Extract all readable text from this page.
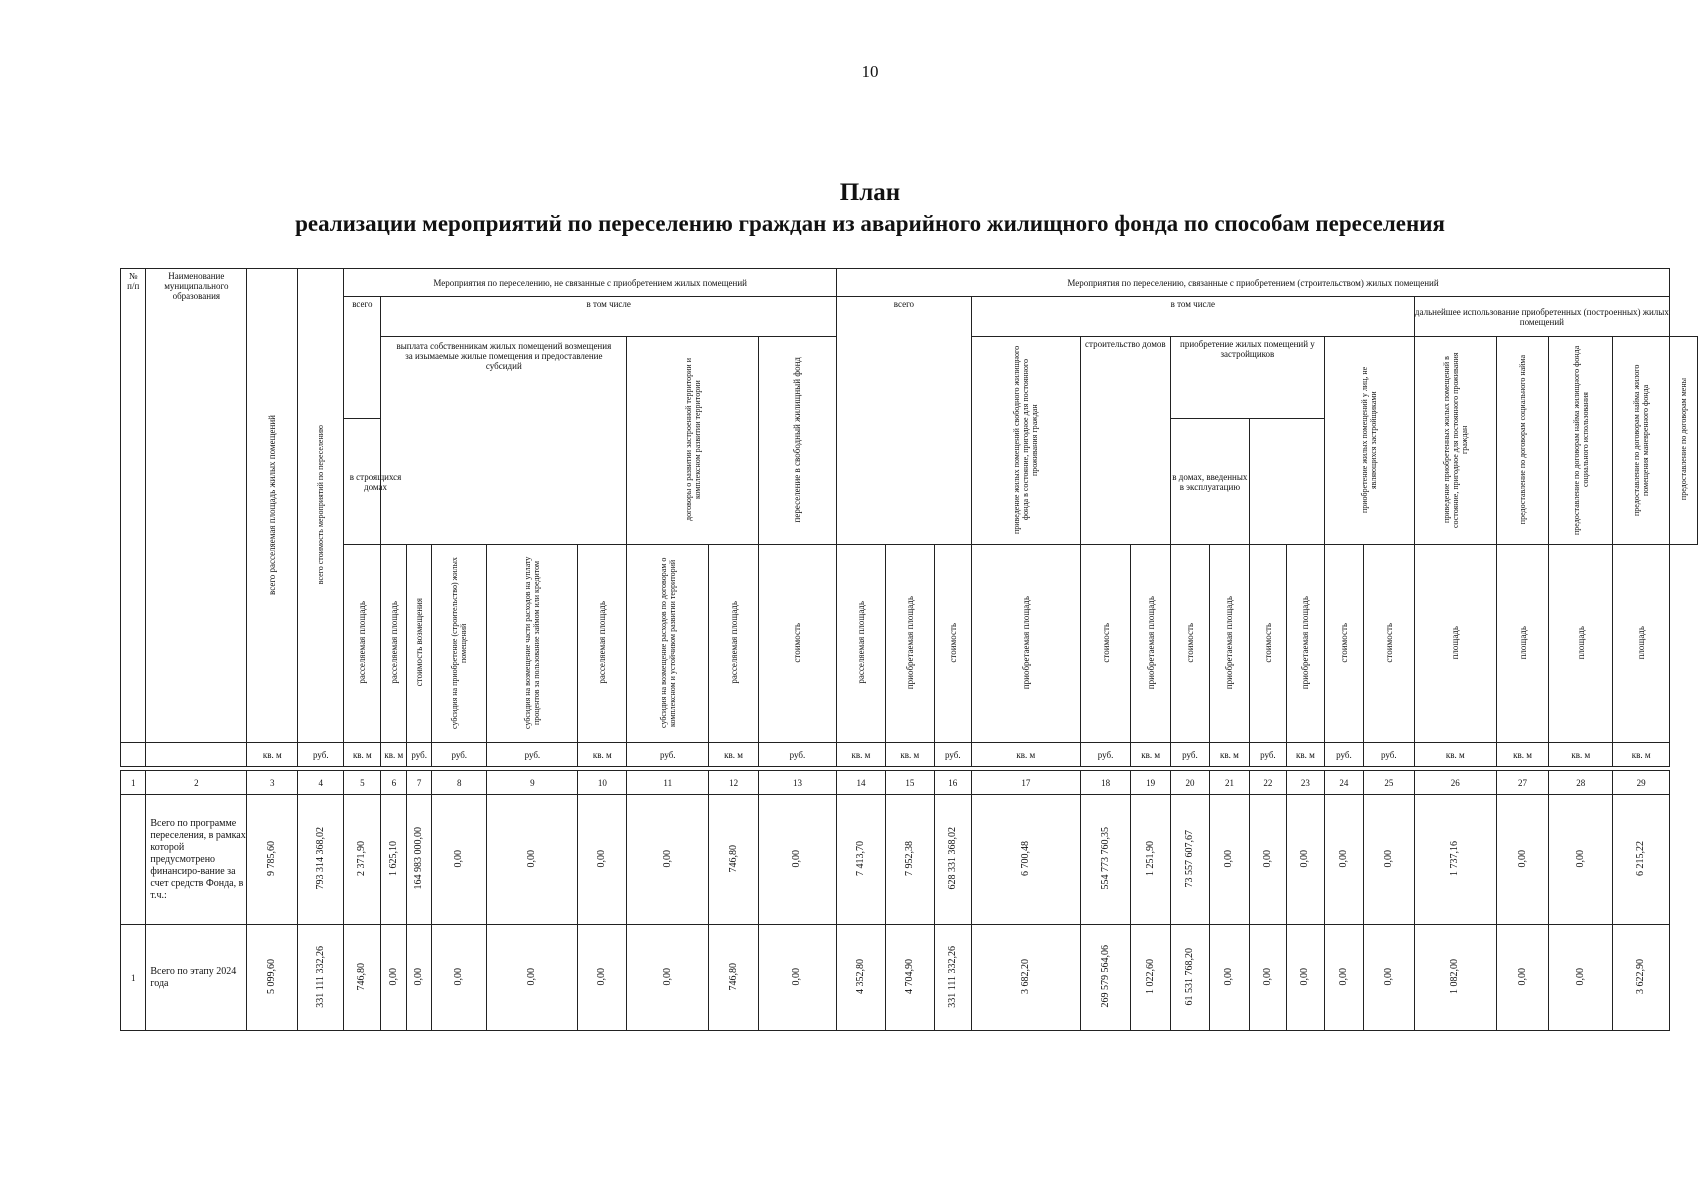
10
План
реализации мероприятий по переселению граждан из аварийного жилищного фонда по способам переселения
№
п/п	Наименование муниципального образования	всего расселяемая площадь жилых помещений	всего стоимость мероприятий по переселению	Мероприятия по переселению, не связанные с приобретением жилых помещений									Мероприятия по переселению, связанные с приобретением (строительством) жилых помещений																
				всего	в том числе								всего			в том числе									дальнейшее использование приобретенных (построенных) жилых помещений				
					выплата собственникам жилых помещений возмещения за изымаемые жилые помещения и предоставление субсидий					договоры о развитии застроенной территории и комплексном развитии территории		переселение в свободный жилищный фонд				приведение жилых помещений свободного жилищного фонда в состояние, пригодное для постоянного проживания граждан	строительство домов		приобретение жилых помещений у застройщиков				приобретение жилых помещений у лиц, не являющихся застройщиками		приведение приобретенных жилых помещений в состояние, пригодное для постоянного проживания граждан	предоставление по договорам социального найма	предоставление по договорам найма жилищного фонда социального использования	предоставление по договорам найма жилого помещения маневренного фонда	предоставление по договорам мены
				в строящихся домах															в домах, введенных в эксплуатацию										
				расселяемая площадь	расселяемая площадь	стоимость возмещения	субсидия на приобретение (строительство) жилых помещений	субсидия на возмещение части расходов на уплату процентов за пользование займом или кредитом	расселяемая площадь	субсидия на возмещение расходов по договорам о комплексном и устойчивом развитии территорий	расселяемая площадь	стоимость	расселяемая площадь	приобретаемая площадь	стоимость	приобретаемая площадь	стоимость	приобретаемая площадь	стоимость	приобретаемая площадь	стоимость	приобретаемая площадь	стоимость	стоимость	площадь	площадь	площадь	площадь	
		кв. м	руб.	кв. м	кв. м	руб.	руб.	руб.	кв. м	руб.	кв. м	руб.	кв. м	кв. м	руб.	кв. м	руб.	кв. м	руб.	кв. м	руб.	кв. м	руб.	руб.	кв. м	кв. м	кв. м	кв. м	

1	2	3	4	5	6	7	8	9	10	11	12	13	14	15	16	17	18	19	20	21	22	23	24	25	26	27	28	29	
	Всего по программе переселения, в рамках которой предусмотрено финансиро-вание за счет средств Фонда, в т.ч.:	9 785,60	793 314 368,02	2 371,90	1 625,10	164 983 000,00	0,00	0,00	0,00	0,00	746,80	0,00	7 413,70	7 952,38	628 331 368,02	6 700,48	554 773 760,35	1 251,90	73 557 607,67	0,00	0,00	0,00	0,00	0,00	1 737,16	0,00	0,00	6 215,22	
1	Всего по этапу 2024 года	5 099,60	331 111 332,26	746,80	0,00	0,00	0,00	0,00	0,00	0,00	746,80	0,00	4 352,80	4 704,90	331 111 332,26	3 682,20	269 579 564,06	1 022,60	61 531 768,20	0,00	0,00	0,00	0,00	0,00	1 082,00	0,00	0,00	3 622,90	
